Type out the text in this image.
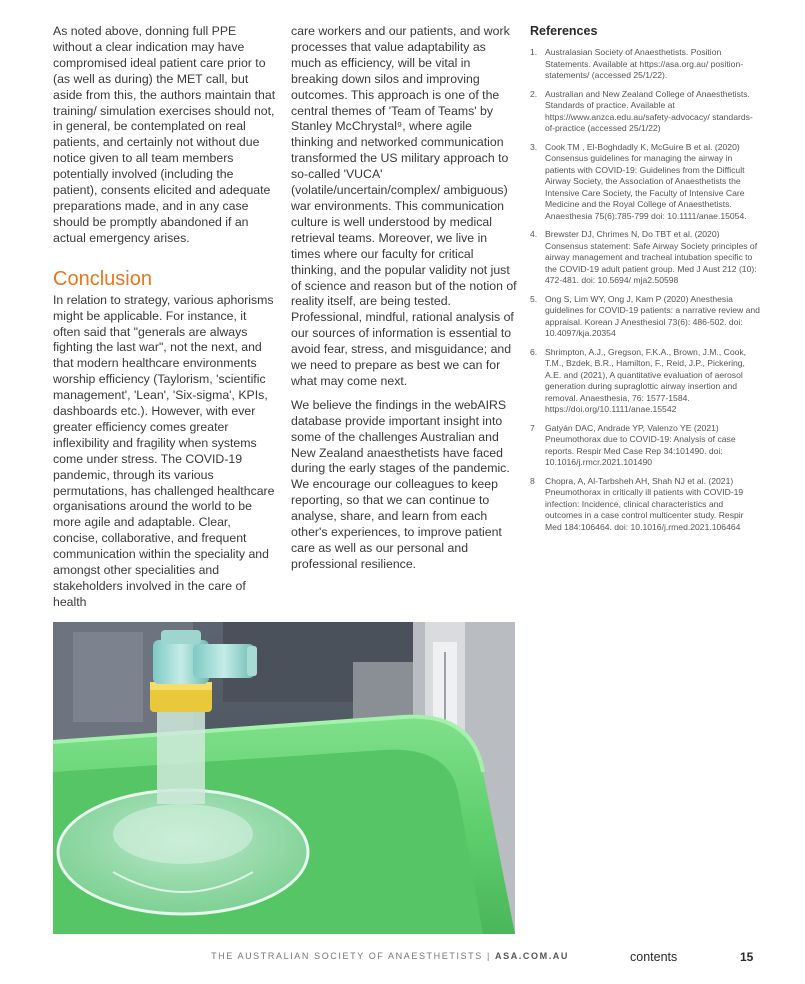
As noted above, donning full PPE without a clear indication may have compromised ideal patient care prior to (as well as during) the MET call, but aside from this, the authors maintain that training/ simulation exercises should not, in general, be contemplated on real patients, and certainly not without due notice given to all team members potentially involved (including the patient), consents elicited and adequate preparations made, and in any case should be promptly abandoned if an actual emergency arises.

Conclusion

In relation to strategy, various aphorisms might be applicable. For instance, it often said that "generals are always fighting the last war", not the next, and that modern healthcare environments worship efficiency (Taylorism, 'scientific management', 'Lean', 'Six-sigma', KPIs, dashboards etc.). However, with ever greater efficiency comes greater inflexibility and fragility when systems come under stress. The COVID-19 pandemic, through its various permutations, has challenged healthcare organisations around the world to be more agile and adaptable. Clear, concise, collaborative, and frequent communication within the speciality and amongst other specialities and stakeholders involved in the care of health

care workers and our patients, and work processes that value adaptability as much as efficiency, will be vital in breaking down silos and improving outcomes. This approach is one of the central themes of 'Team of Teams' by Stanley McChrystal⁹, where agile thinking and networked communication transformed the US military approach to so-called 'VUCA' (volatile/uncertain/complex/ ambiguous) war environments. This communication culture is well understood by medical retrieval teams. Moreover, we live in times where our faculty for critical thinking, and the popular validity not just of science and reason but of the notion of reality itself, are being tested. Professional, mindful, rational analysis of our sources of information is essential to avoid fear, stress, and misguidance; and we need to prepare as best we can for what may come next.

We believe the findings in the webAIRS database provide important insight into some of the challenges Australian and New Zealand anaesthetists have faced during the early stages of the pandemic. We encourage our colleagues to keep reporting, so that we can continue to analyse, share, and learn from each other's experiences, to improve patient care as well as our personal and professional resilience.

References
1. Australasian Society of Anaesthetists. Position Statements. Available at https://asa.org.au/ position-statements/ (accessed 25/1/22).
2. Australian and New Zealand College of Anaesthetists. Standards of practice. Available at https://www.anzca.edu.au/safety-advocacy/ standards-of-practice (accessed 25/1/22)
3. Cook TM , El-Boghdadly K, McGuire B et al. (2020) Consensus guidelines for managing the airway in patients with COVID-19: Guidelines from the Difficult Airway Society, the Association of Anaesthetists the Intensive Care Society, the Faculty of Intensive Care Medicine and the Royal College of Anaesthetists. Anaesthesia 75(6):785-799 doi: 10.1111/anae.15054.
4. Brewster DJ, Chrimes N, Do TBT et al. (2020) Consensus statement: Safe Airway Society principles of airway management and tracheal intubation specific to the COVID-19 adult patient group. Med J Aust 212 (10): 472-481. doi: 10.5694/ mja2.50598
5. Ong S, Lim WY, Ong J, Kam P (2020) Anesthesia guidelines for COVID-19 patients: a narrative review and appraisal. Korean J Anesthesiol 73(6): 486-502. doi: 10.4097/kja.20354
6. Shrimpton, A.J., Gregson, F.K.A., Brown, J.M., Cook, T.M., Bzdek, B.R., Hamilton, F., Reid, J.P., Pickering, A.E. and (2021), A quantitative evaluation of aerosol generation during supraglottic airway insertion and removal. Anaesthesia, 76: 1577-1584. https://doi.org/10.1111/anae.15542
7 Gatyán DAC, Andrade YP, Valenzo YE (2021) Pneumothorax due to COVID-19: Analysis of case reports. Respir Med Case Rep 34:101490. doi: 10.1016/j.rmcr.2021.101490
8 Chopra, A, Al-Tarbsheh AH, Shah NJ et al. (2021) Pneumothorax in critically ill patients with COVID-19 infection: Incidence, clinical characteristics and outcomes in a case control multicenter study. Respir Med 184:106464. doi: 10.1016/j.rmed.2021.106464
THE AUSTRALIAN SOCIETY OF ANAESTHETISTS | ASA.COM.AU	contents	15
